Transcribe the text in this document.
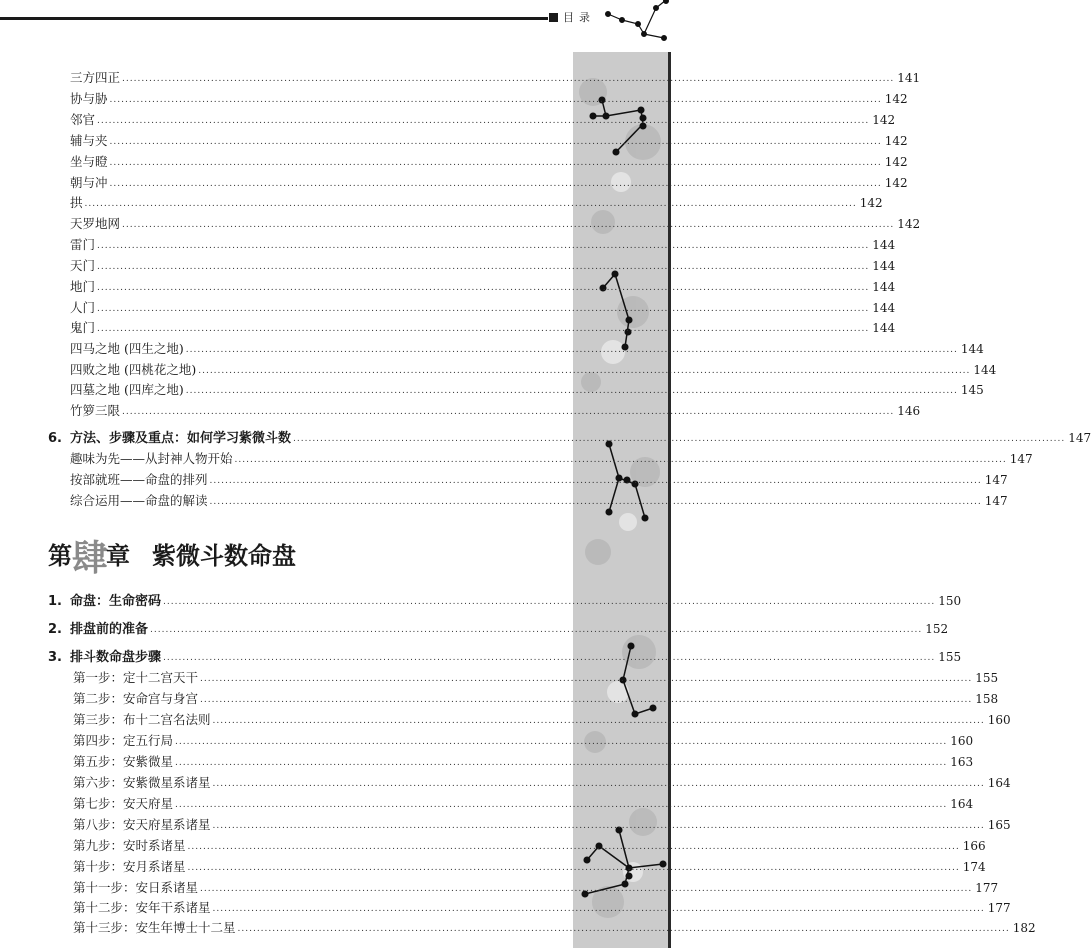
目录
三方四正 ........................................................................................................................................................................................................ 141
协与胁 ........................................................................................................................................................................................................ 142
邻官 ........................................................................................................................................................................................................ 142
辅与夹 ........................................................................................................................................................................................................ 142
坐与瞪 ........................................................................................................................................................................................................ 142
朝与冲 ........................................................................................................................................................................................................ 142
拱 ........................................................................................................................................................................................................ 142
天罗地网 ........................................................................................................................................................................................................ 142
雷门 ........................................................................................................................................................................................................ 144
天门 ........................................................................................................................................................................................................ 144
地门 ........................................................................................................................................................................................................ 144
人门 ........................................................................................................................................................................................................ 144
鬼门 ........................................................................................................................................................................................................ 144
四马之地 (四生之地) ........................................................................................................................................................................................................ 144
四败之地 (四桃花之地) ........................................................................................................................................................................................................ 144
四墓之地 (四库之地) ........................................................................................................................................................................................................ 145
竹箩三限 ........................................................................................................................................................................................................ 146
6. 方法、步骤及重点：如何学习紫微斗数 ........................................................................................................................................................................................................ 147
趣味为先——从封神人物开始 ........................................................................................................................................................................................................ 147
按部就班——命盘的排列 ........................................................................................................................................................................................................ 147
综合运用——命盘的解读 ........................................................................................................................................................................................................ 147
第肆章 紫微斗数命盘
1. 命盘：生命密码 ........................................................................................................................................................................................................ 150
2. 排盘前的准备 ........................................................................................................................................................................................................ 152
3. 排斗数命盘步骤 ........................................................................................................................................................................................................ 155
第一步：定十二宫天干 ........................................................................................................................................................................................................ 155
第二步：安命宫与身宫 ........................................................................................................................................................................................................ 158
第三步：布十二宫名法则 ........................................................................................................................................................................................................ 160
第四步：定五行局 ........................................................................................................................................................................................................ 160
第五步：安紫微星 ........................................................................................................................................................................................................ 163
第六步：安紫微星系诸星 ........................................................................................................................................................................................................ 164
第七步：安天府星 ........................................................................................................................................................................................................ 164
第八步：安天府星系诸星 ........................................................................................................................................................................................................ 165
第九步：安时系诸星 ........................................................................................................................................................................................................ 166
第十步：安月系诸星 ........................................................................................................................................................................................................ 174
第十一步：安日系诸星 ........................................................................................................................................................................................................ 177
第十二步：安年干系诸星 ........................................................................................................................................................................................................ 177
第十三步：安生年博士十二星 ........................................................................................................................................................................................................ 182
